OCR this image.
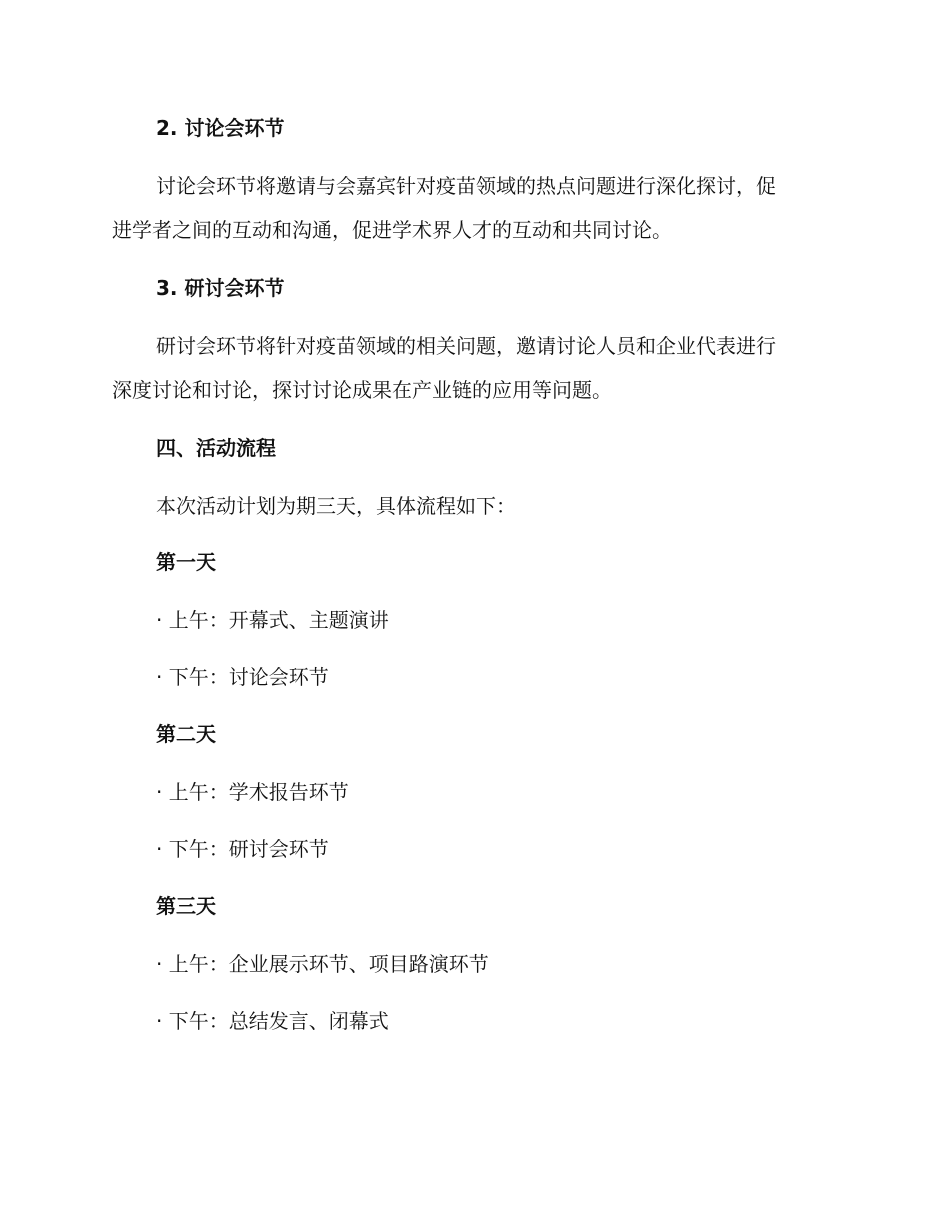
2. 讨论会环节
讨论会环节将邀请与会嘉宾针对疫苗领域的热点问题进行深化探讨，促
进学者之间的互动和沟通，促进学术界人才的互动和共同讨论。
3. 研讨会环节
研讨会环节将针对疫苗领域的相关问题，邀请讨论人员和企业代表进行
深度讨论和讨论，探讨讨论成果在产业链的应用等问题。
四、活动流程
本次活动计划为期三天，具体流程如下：
第一天
· 上午：开幕式、主题演讲
· 下午：讨论会环节
第二天
· 上午：学术报告环节
· 下午：研讨会环节
第三天
· 上午：企业展示环节、项目路演环节
· 下午：总结发言、闭幕式
